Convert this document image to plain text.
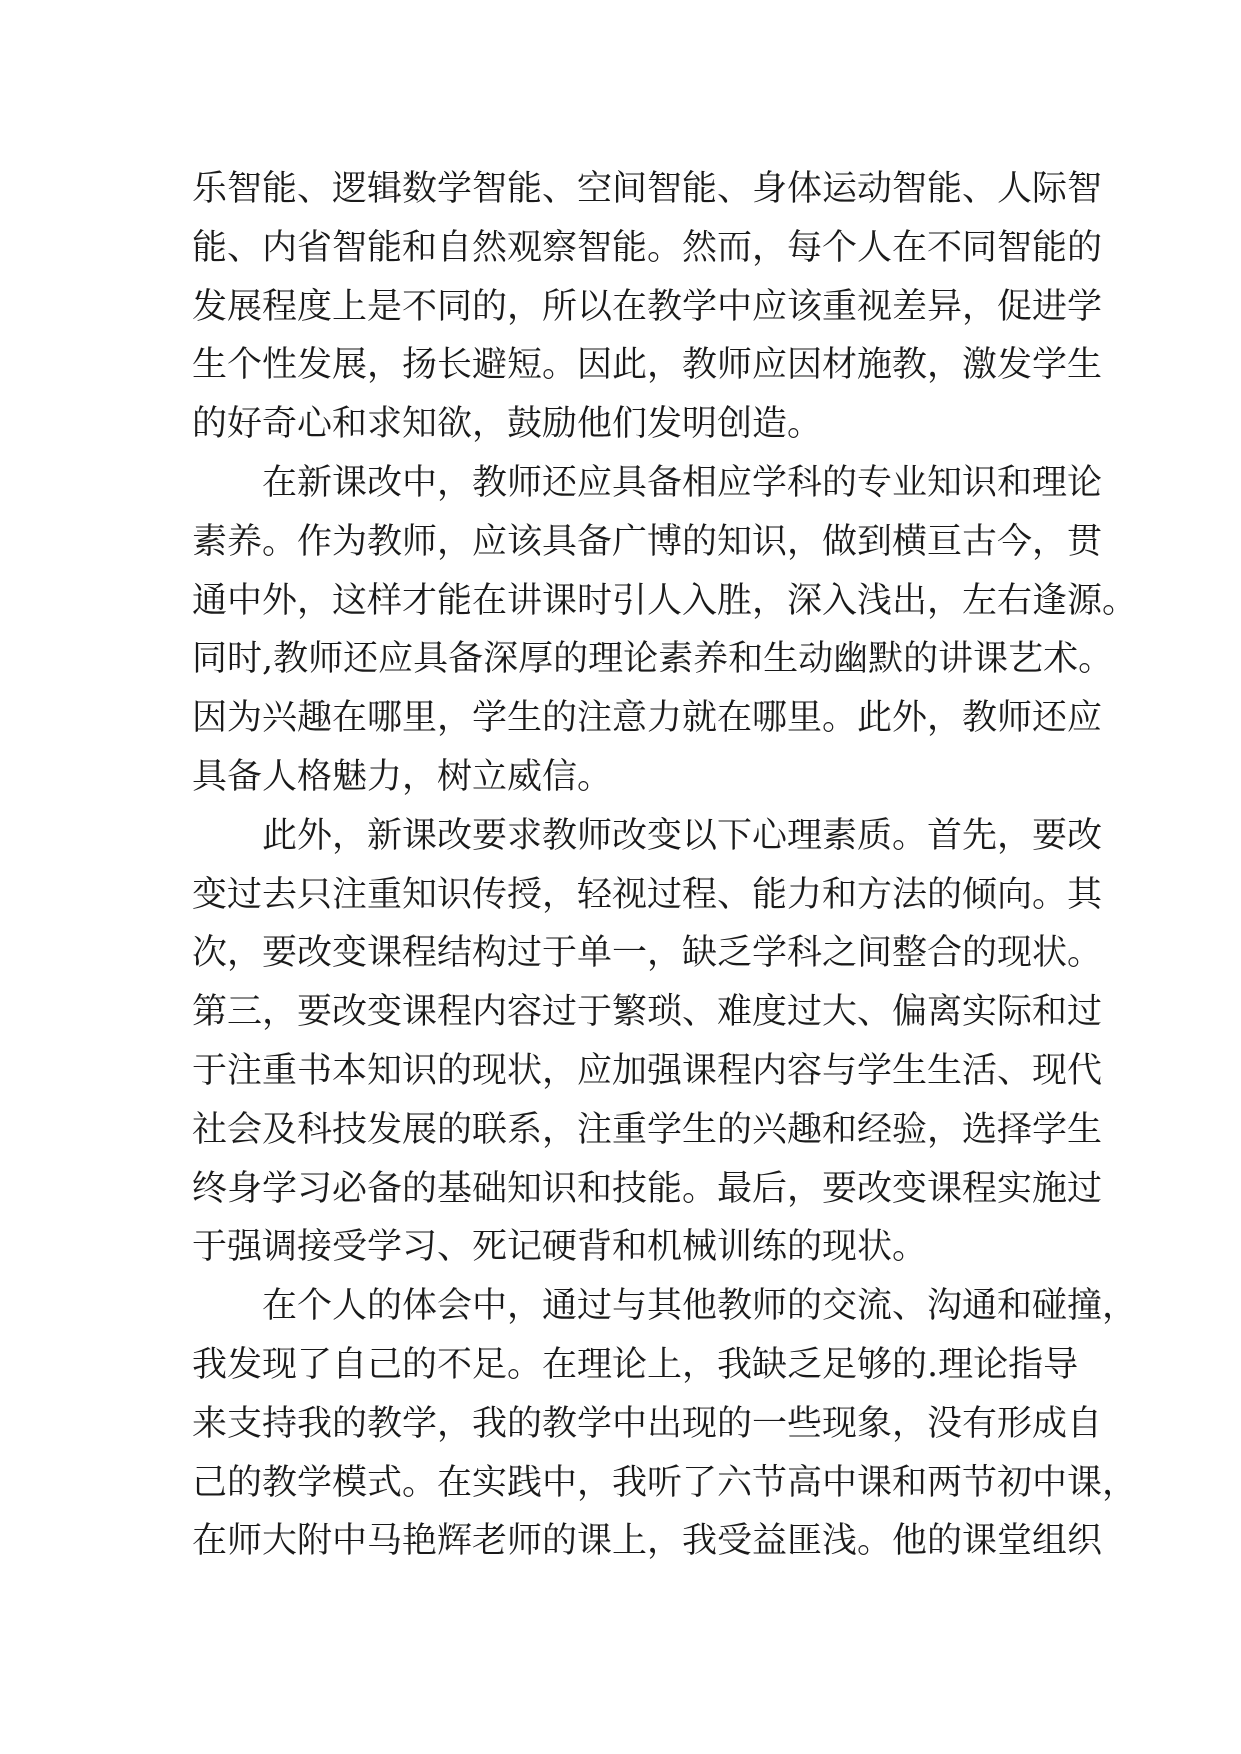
乐智能、逻辑数学智能、空间智能、身体运动智能、人际智
能、内省智能和自然观察智能。然而，每个人在不同智能的
发展程度上是不同的，所以在教学中应该重视差异，促进学
生个性发展，扬长避短。因此，教师应因材施教，激发学生
的好奇心和求知欲，鼓励他们发明创造。
在新课改中，教师还应具备相应学科的专业知识和理论
素养。作为教师，应该具备广博的知识，做到横亘古今，贯
通中外，这样才能在讲课时引人入胜，深入浅出，左右逢源。
同时,教师还应具备深厚的理论素养和生动幽默的讲课艺术。
因为兴趣在哪里，学生的注意力就在哪里。此外，教师还应
具备人格魅力，树立威信。
此外，新课改要求教师改变以下心理素质。首先，要改
变过去只注重知识传授，轻视过程、能力和方法的倾向。其
次，要改变课程结构过于单一，缺乏学科之间整合的现状。
第三，要改变课程内容过于繁琐、难度过大、偏离实际和过
于注重书本知识的现状，应加强课程内容与学生生活、现代
社会及科技发展的联系，注重学生的兴趣和经验，选择学生
终身学习必备的基础知识和技能。最后，要改变课程实施过
于强调接受学习、死记硬背和机械训练的现状。
在个人的体会中，通过与其他教师的交流、沟通和碰撞，
我发现了自己的不足。在理论上，我缺乏足够的.理论指导
来支持我的教学，我的教学中出现的一些现象，没有形成自
己的教学模式。在实践中，我听了六节高中课和两节初中课，
在师大附中马艳辉老师的课上，我受益匪浅。他的课堂组织
